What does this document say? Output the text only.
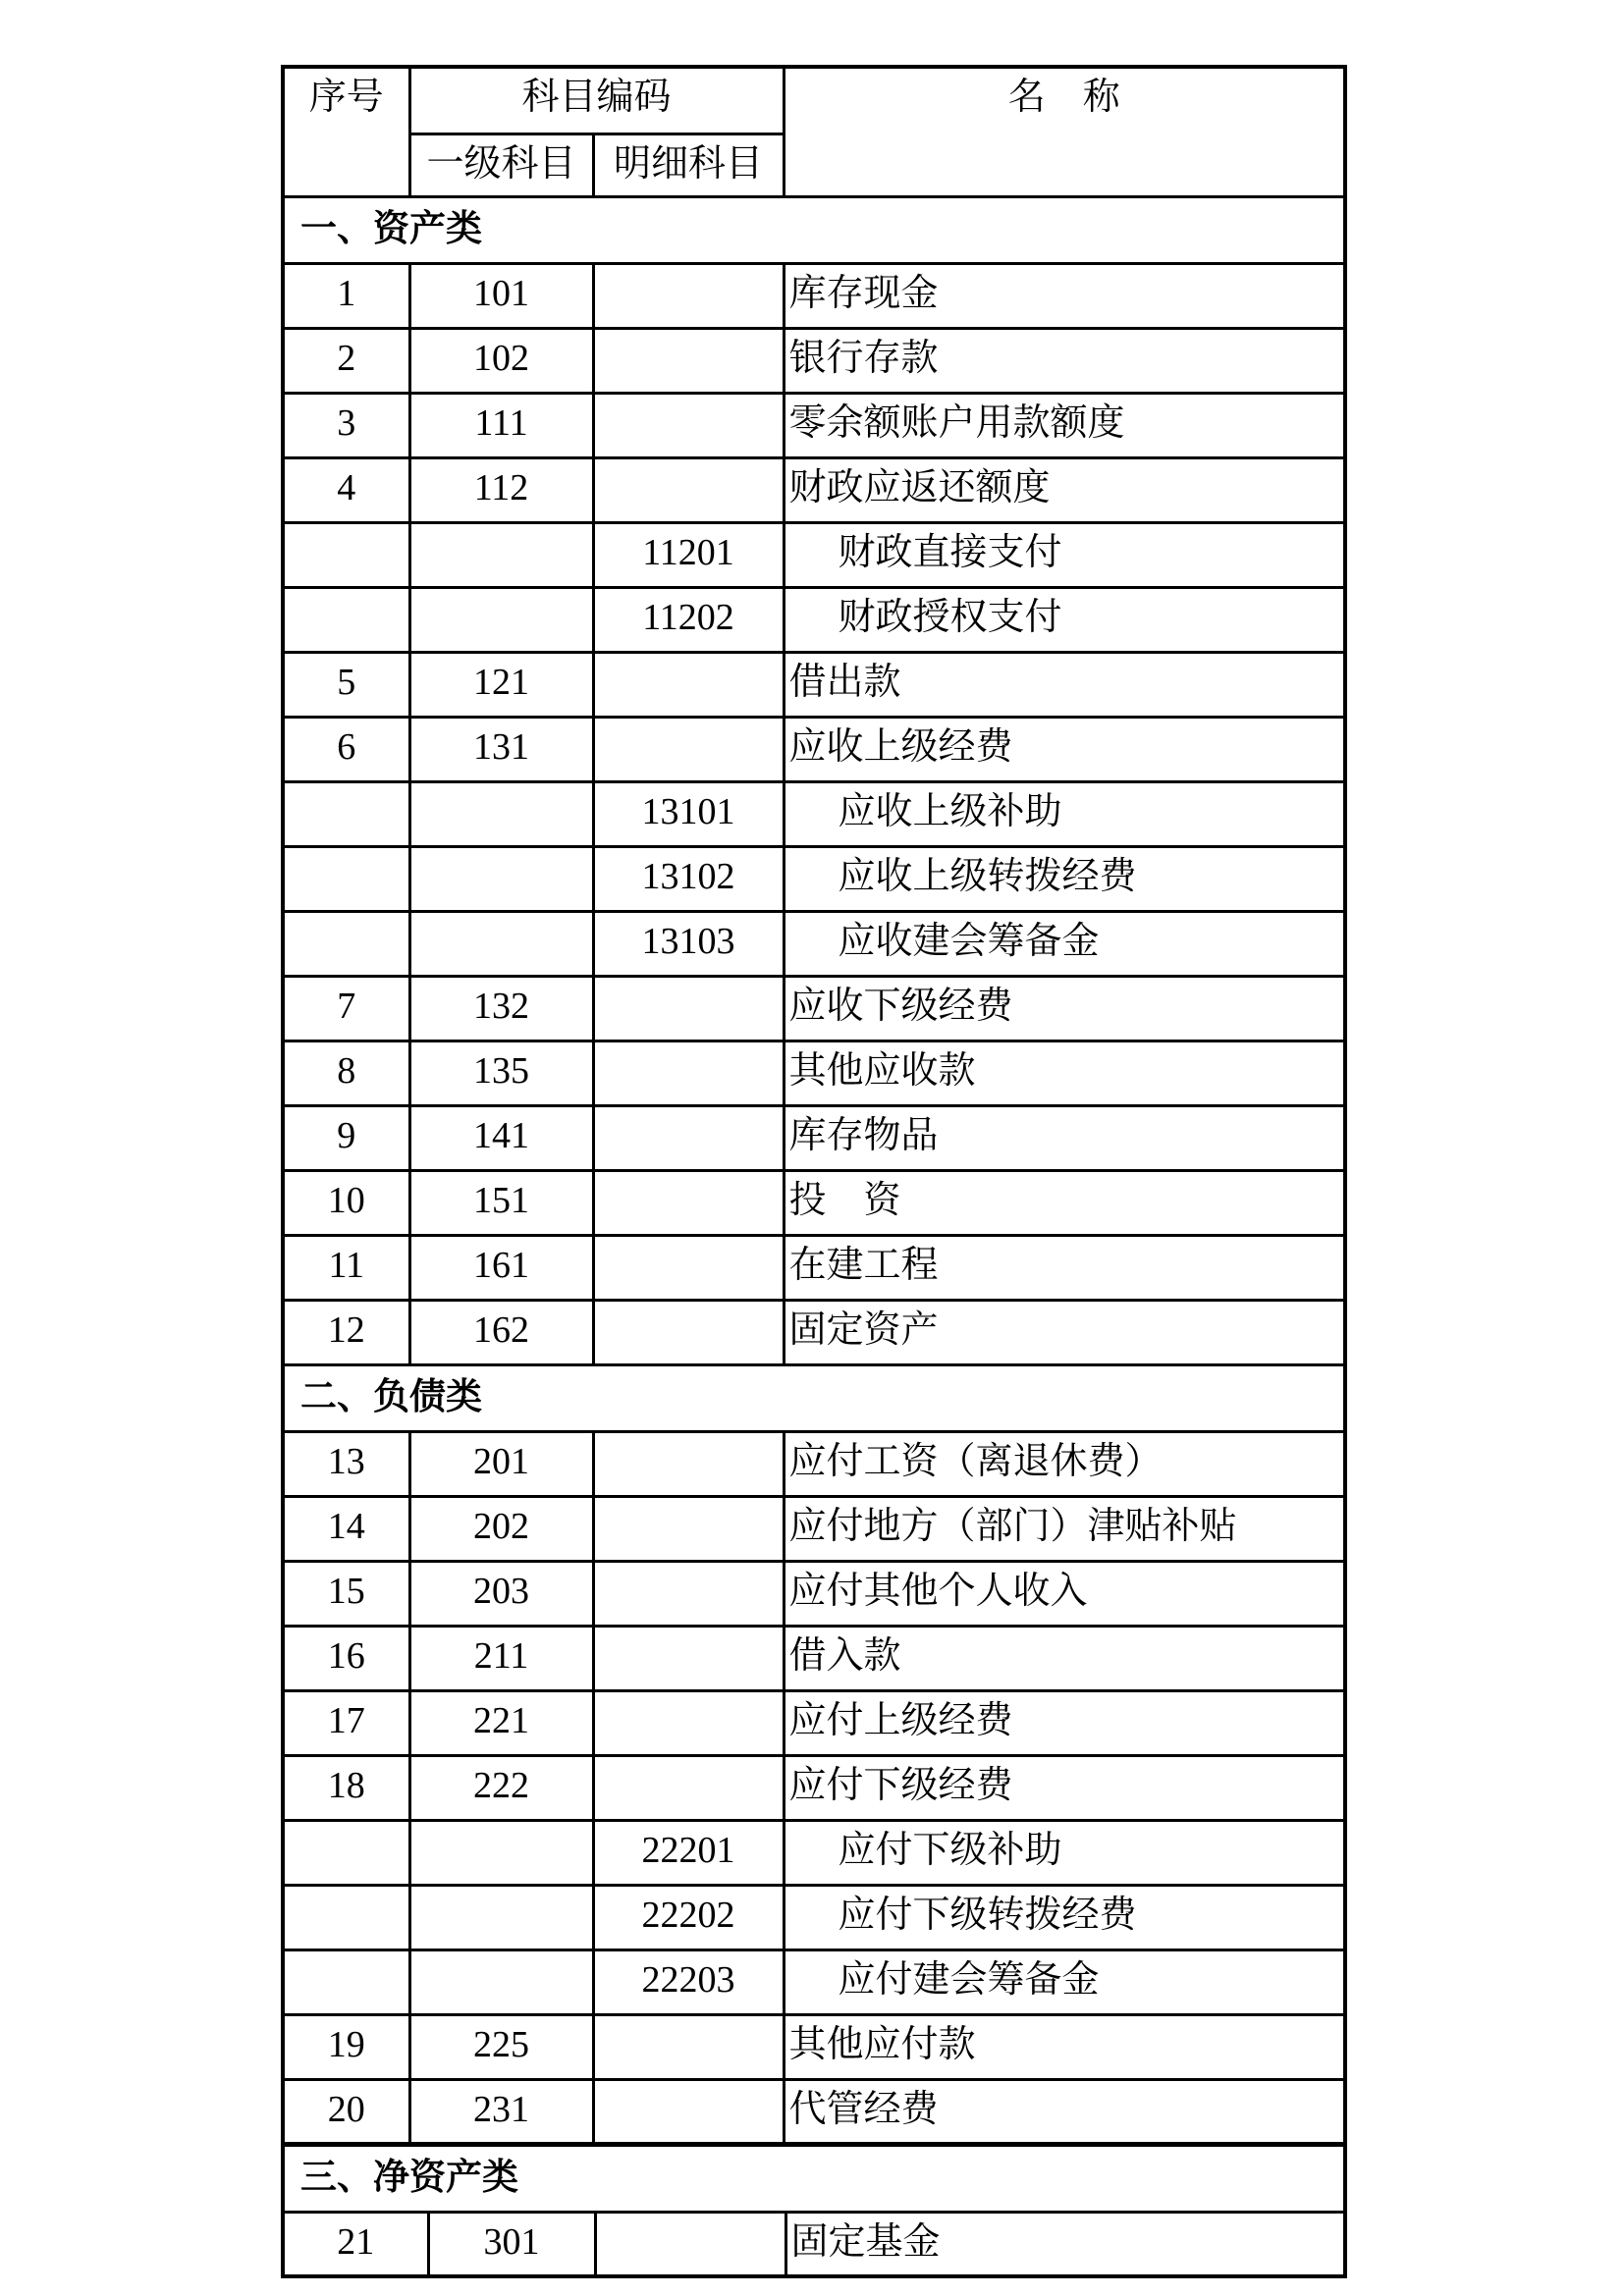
序号	科目编码		名　称
	一级科目	明细科目	
一、资产类			
1	101		库存现金
2	102		银行存款
3	111		零余额账户用款额度
4	112		财政应返还额度
		11201	财政直接支付
		11202	财政授权支付
5	121		借出款
6	131		应收上级经费
		13101	应收上级补助
		13102	应收上级转拨经费
		13103	应收建会筹备金
7	132		应收下级经费
8	135		其他应收款
9	141		库存物品
10	151		投　资
11	161		在建工程
12	162		固定资产
二、负债类			
13	201		应付工资（离退休费）
14	202		应付地方（部门）津贴补贴
15	203		应付其他个人收入
16	211		借入款
17	221		应付上级经费
18	222		应付下级经费
		22201	应付下级补助
		22202	应付下级转拨经费
		22203	应付建会筹备金
19	225		其他应付款
20	231		代管经费
三、净资产类
21	301		固定基金
